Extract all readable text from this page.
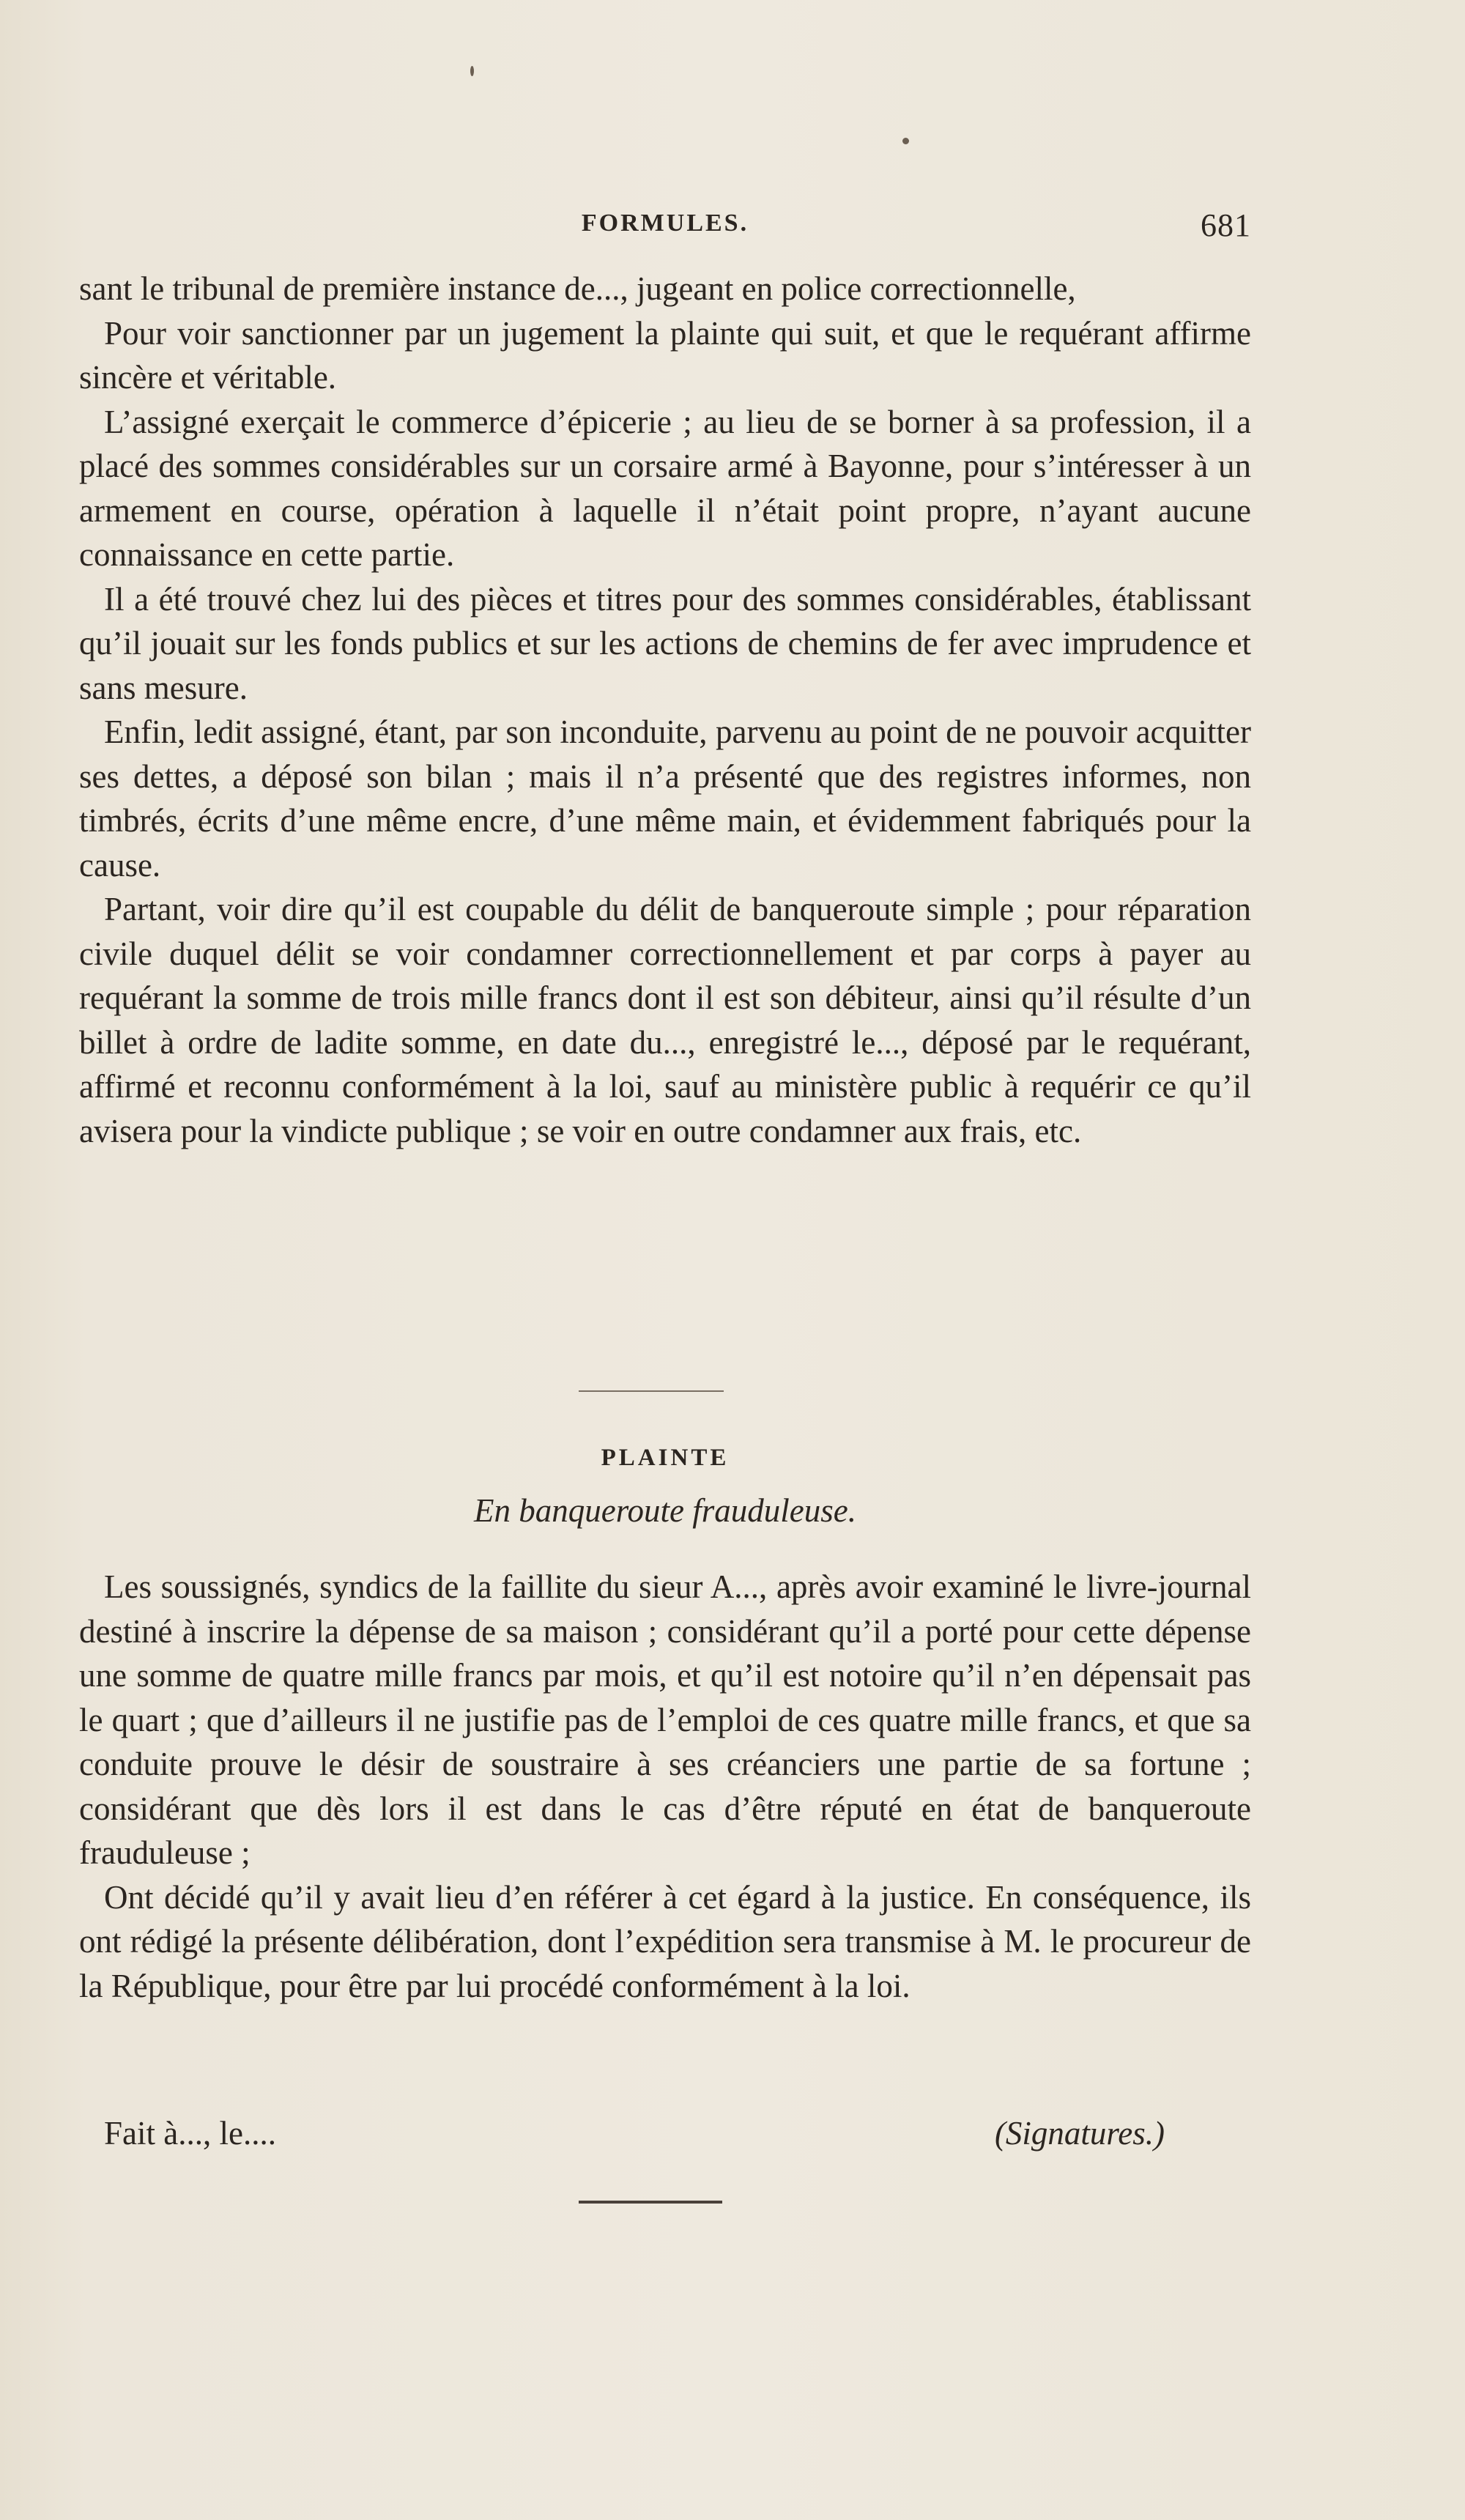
FORMULES.	681

sant le tribunal de première instance de..., jugeant en police correctionnelle,

Pour voir sanctionner par un jugement la plainte qui suit, et que le requérant affirme sincère et véritable.

L’assigné exerçait le commerce d’épicerie ; au lieu de se borner à sa profession, il a placé des sommes considérables sur un corsaire armé à Bayonne, pour s’intéresser à un armement en course, opération à laquelle il n’était point propre, n’ayant aucune connaissance en cette partie.

Il a été trouvé chez lui des pièces et titres pour des sommes considérables, établissant qu’il jouait sur les fonds publics et sur les actions de chemins de fer avec imprudence et sans mesure.

Enfin, ledit assigné, étant, par son inconduite, parvenu au point de ne pouvoir acquitter ses dettes, a déposé son bilan ; mais il n’a présenté que des registres informes, non timbrés, écrits d’une même encre, d’une même main, et évidemment fabriqués pour la cause.

Partant, voir dire qu’il est coupable du délit de banqueroute simple ; pour réparation civile duquel délit se voir condamner correctionnellement et par corps à payer au requérant la somme de trois mille francs dont il est son débiteur, ainsi qu’il résulte d’un billet à ordre de ladite somme, en date du..., enregistré le..., déposé par le requérant, affirmé et reconnu conformément à la loi, sauf au ministère public à requérir ce qu’il avisera pour la vindicte publique ; se voir en outre condamner aux frais, etc.

PLAINTE
En banqueroute frauduleuse.

Les soussignés, syndics de la faillite du sieur A..., après avoir examiné le livre-journal destiné à inscrire la dépense de sa maison ; considérant qu’il a porté pour cette dépense une somme de quatre mille francs par mois, et qu’il est notoire qu’il n’en dépensait pas le quart ; que d’ailleurs il ne justifie pas de l’emploi de ces quatre mille francs, et que sa conduite prouve le désir de soustraire à ses créanciers une partie de sa fortune ; considérant que dès lors il est dans le cas d’être réputé en état de banqueroute frauduleuse ;

Ont décidé qu’il y avait lieu d’en référer à cet égard à la justice. En conséquence, ils ont rédigé la présente délibération, dont l’expédition sera transmise à M. le procureur de la République, pour être par lui procédé conformément à la loi.

Fait à..., le....	(Signatures.)
